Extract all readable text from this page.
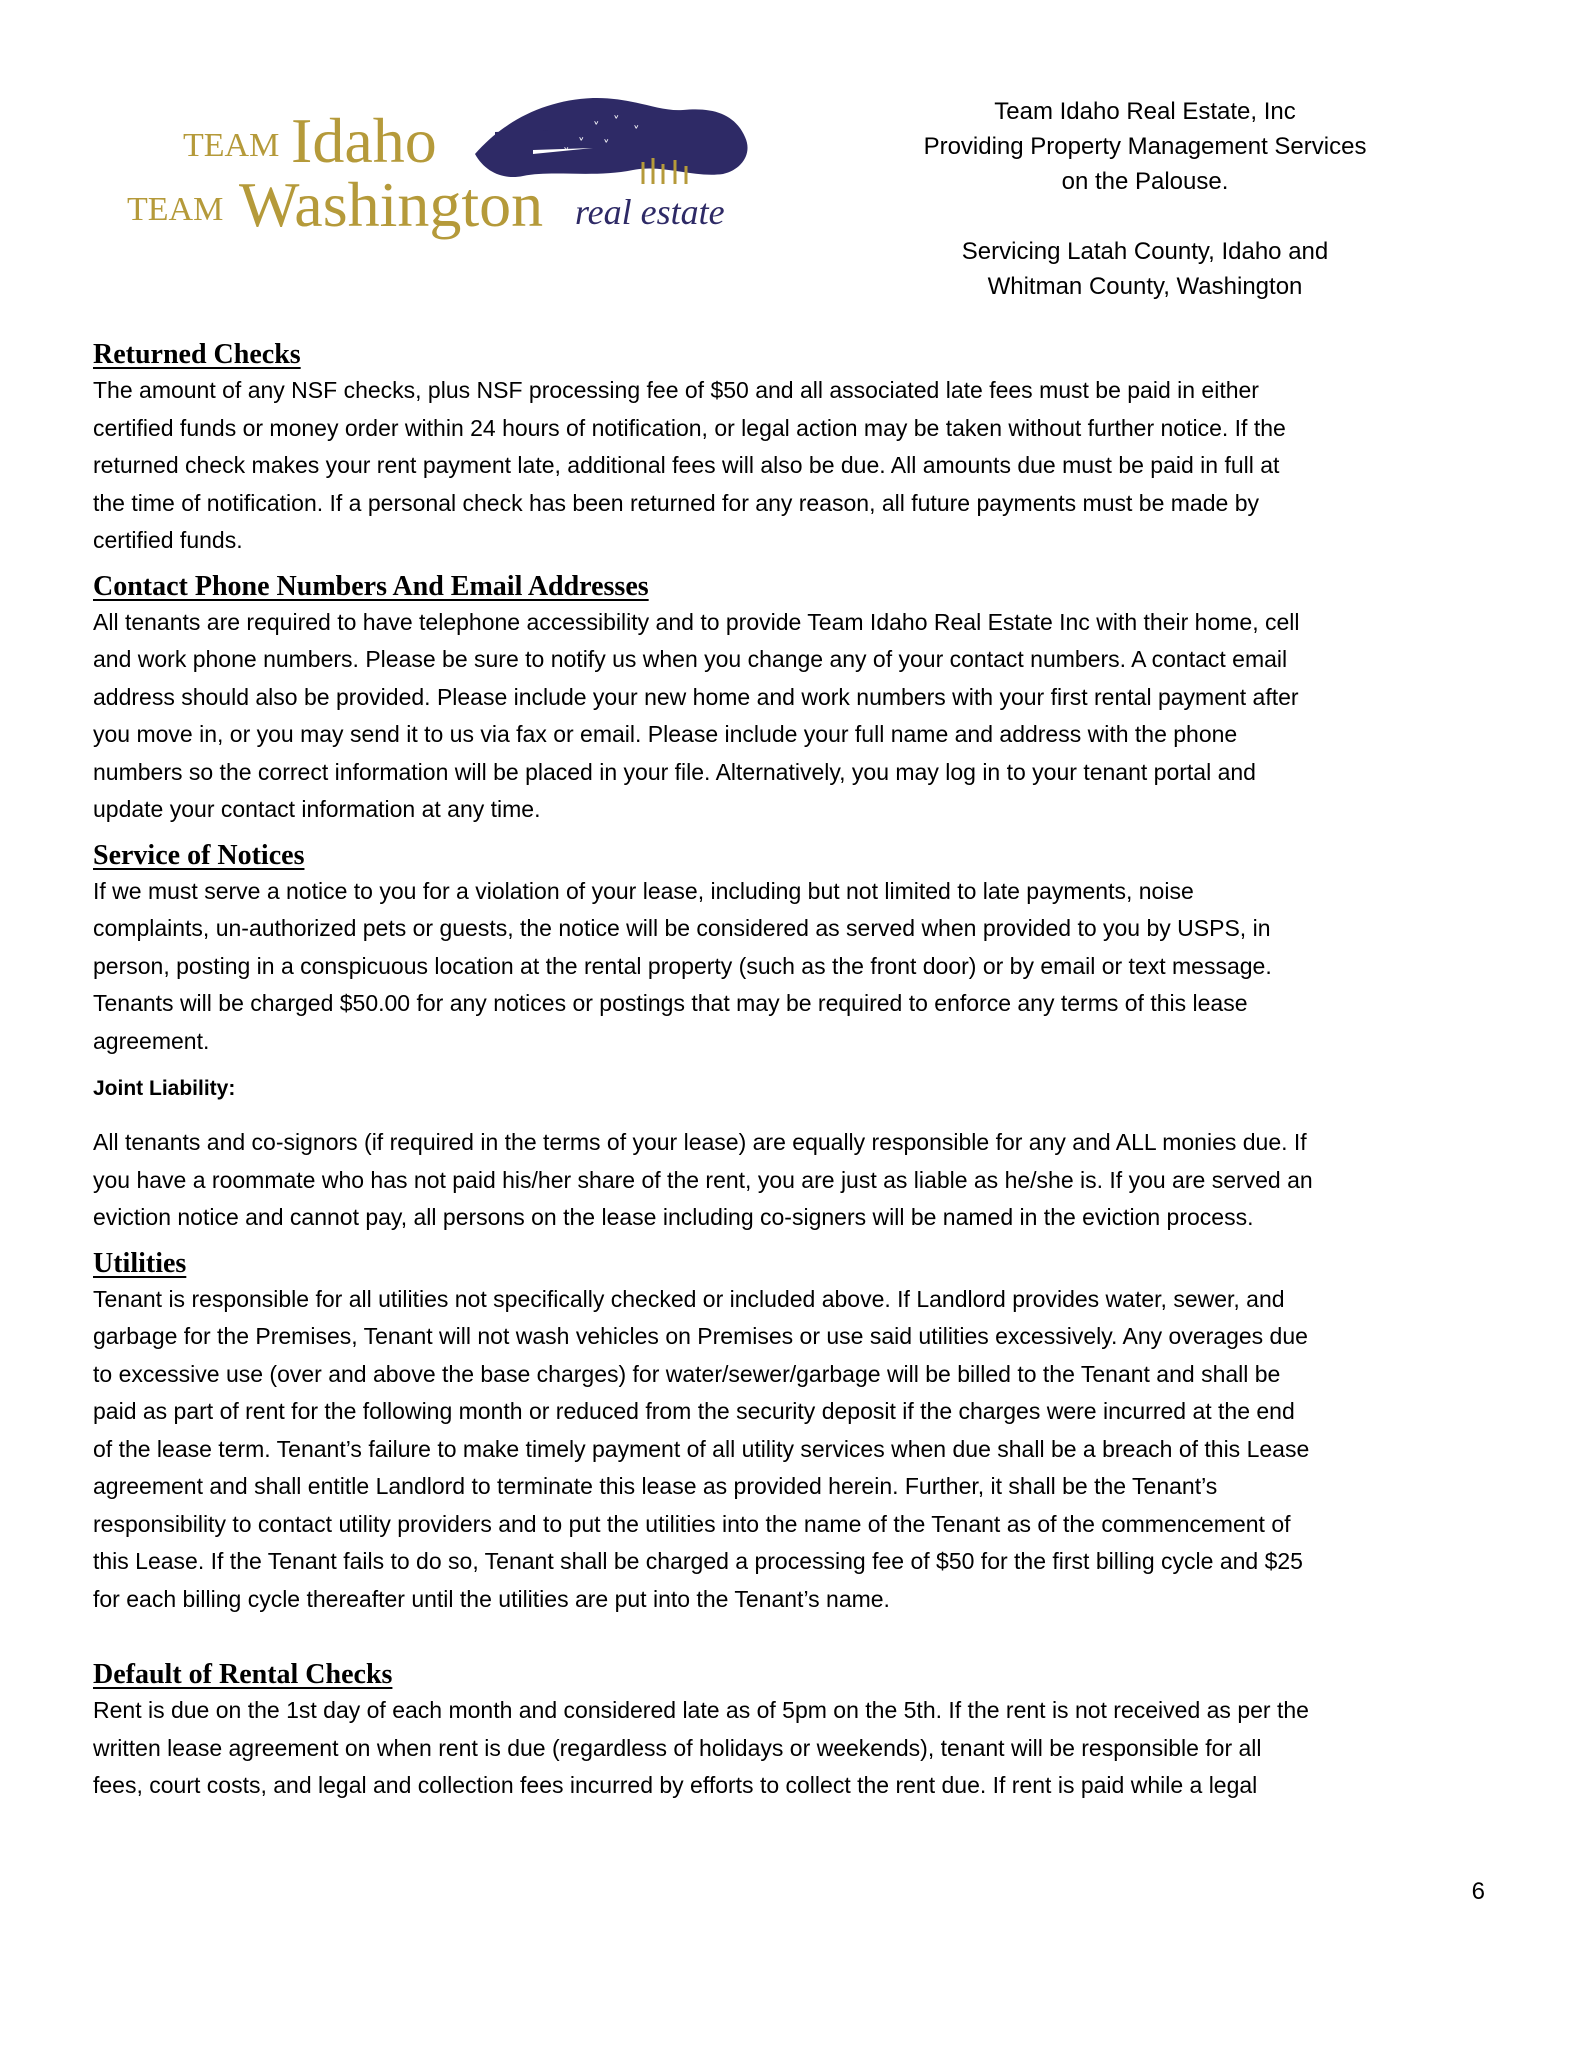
˅ ˅
˅
˅ ˅
˅
TEAM Idaho
TEAM Washington real estate
Team Idaho Real Estate, Inc
Providing Property Management Services
on the Palouse.
Servicing Latah County, Idaho and
Whitman County, Washington
Returned Checks

The amount of any NSF checks, plus NSF processing fee of $50 and all associated late fees must be paid in either
certified funds or money order within 24 hours of notification, or legal action may be taken without further notice. If the
returned check makes your rent payment late, additional fees will also be due. All amounts due must be paid in full at
the time of notification. If a personal check has been returned for any reason, all future payments must be made by
certified funds.

Contact Phone Numbers And Email Addresses

All tenants are required to have telephone accessibility and to provide Team Idaho Real Estate Inc with their home, cell
and work phone numbers. Please be sure to notify us when you change any of your contact numbers. A contact email
address should also be provided. Please include your new home and work numbers with your first rental payment after
you move in, or you may send it to us via fax or email. Please include your full name and address with the phone
numbers so the correct information will be placed in your file. Alternatively, you may log in to your tenant portal and
update your contact information at any time.

Service of Notices

If we must serve a notice to you for a violation of your lease, including but not limited to late payments, noise
complaints, un-authorized pets or guests, the notice will be considered as served when provided to you by USPS, in
person, posting in a conspicuous location at the rental property (such as the front door) or by email or text message.
Tenants will be charged $50.00 for any notices or postings that may be required to enforce any terms of this lease
agreement.

Joint Liability:

All tenants and co-signors (if required in the terms of your lease) are equally responsible for any and ALL monies due. If
you have a roommate who has not paid his/her share of the rent, you are just as liable as he/she is. If you are served an
eviction notice and cannot pay, all persons on the lease including co-signers will be named in the eviction process.

Utilities

Tenant is responsible for all utilities not specifically checked or included above. If Landlord provides water, sewer, and
garbage for the Premises, Tenant will not wash vehicles on Premises or use said utilities excessively. Any overages due
to excessive use (over and above the base charges) for water/sewer/garbage will be billed to the Tenant and shall be
paid as part of rent for the following month or reduced from the security deposit if the charges were incurred at the end
of the lease term. Tenant’s failure to make timely payment of all utility services when due shall be a breach of this Lease
agreement and shall entitle Landlord to terminate this lease as provided herein. Further, it shall be the Tenant’s
responsibility to contact utility providers and to put the utilities into the name of the Tenant as of the commencement of
this Lease. If the Tenant fails to do so, Tenant shall be charged a processing fee of $50 for the first billing cycle and $25
for each billing cycle thereafter until the utilities are put into the Tenant’s name.

Default of Rental Checks

Rent is due on the 1st day of each month and considered late as of 5pm on the 5th. If the rent is not received as per the
written lease agreement on when rent is due (regardless of holidays or weekends), tenant will be responsible for all
fees, court costs, and legal and collection fees incurred by efforts to collect the rent due. If rent is paid while a legal

6
